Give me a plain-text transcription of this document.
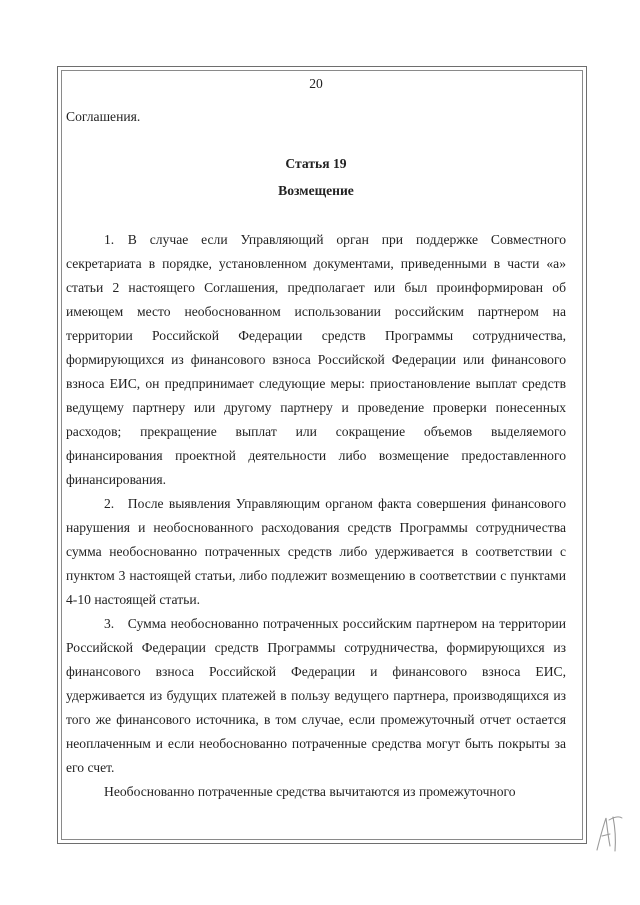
20

Соглашения.

Статья 19

Возмещение

1. В случае если Управляющий орган при поддержке Совместного секретариата в порядке, установленном документами, приведенными в части «а» статьи 2 настоящего Соглашения, предполагает или был проинформирован об имеющем место необоснованном использовании российским партнером на территории Российской Федерации средств Программы сотрудничества, формирующихся из финансового взноса Российской Федерации или финансового взноса ЕИС, он предпринимает следующие меры: приостановление выплат средств ведущему партнеру или другому партнеру и проведение проверки понесенных расходов; прекращение выплат или сокращение объемов выделяемого финансирования проектной деятельности либо возмещение предоставленного финансирования.

2. После выявления Управляющим органом факта совершения финансового нарушения и необоснованного расходования средств Программы сотрудничества сумма необоснованно потраченных средств либо удерживается в соответствии с пунктом 3 настоящей статьи, либо подлежит возмещению в соответствии с пунктами 4-10 настоящей статьи.

3. Сумма необоснованно потраченных российским партнером на территории Российской Федерации средств Программы сотрудничества, формирующихся из финансового взноса Российской Федерации и финансового взноса ЕИС, удерживается из будущих платежей в пользу ведущего партнера, производящихся из того же финансового источника, в том случае, если промежуточный отчет остается неоплаченным и если необоснованно потраченные средства могут быть покрыты за его счет.

Необоснованно потраченные средства вычитаются из промежуточного
